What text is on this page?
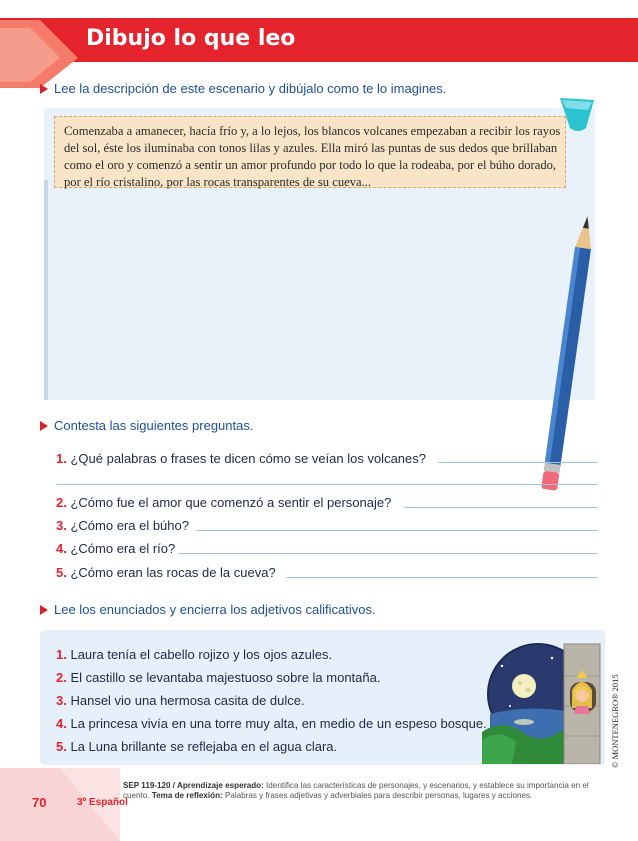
Dibujo lo que leo
Lee la descripción de este escenario y dibújalo como te lo imagines.
Comenzaba a amanecer, hacía frío y, a lo lejos, los blancos volcanes empezaban a recibir los rayos del sol, éste los iluminaba con tonos lilas y azules. Ella miró las puntas de sus dedos que brillaban como el oro y comenzó a sentir un amor profundo por todo lo que la rodeaba, por el búho dorado, por el río cristalino, por las rocas transparentes de su cueva...
Contesta las siguientes preguntas.
1. ¿Qué palabras o frases te dicen cómo se veían los volcanes?
2. ¿Cómo fue el amor que comenzó a sentir el personaje?
3. ¿Cómo era el búho?
4. ¿Cómo era el río?
5. ¿Cómo eran las rocas de la cueva?
Lee los enunciados y encierra los adjetivos calificativos.
1. Laura tenía el cabello rojizo y los ojos azules.
2. El castillo se levantaba majestuoso sobre la montaña.
3. Hansel vio una hermosa casita de dulce.
4. La princesa vivía en una torre muy alta, en medio de un espeso bosque.
5. La Luna brillante se reflejaba en el agua clara.	© MONTENEGRO® 2015
70	3º Español
SEP 119-120 / Aprendizaje esperado: Identifica las características de personajes, y escenarios, y establece su importancia en el cuento. Tema de reflexión: Palabras y frases adjetivas y adverbiales para describir personas, lugares y acciones.
